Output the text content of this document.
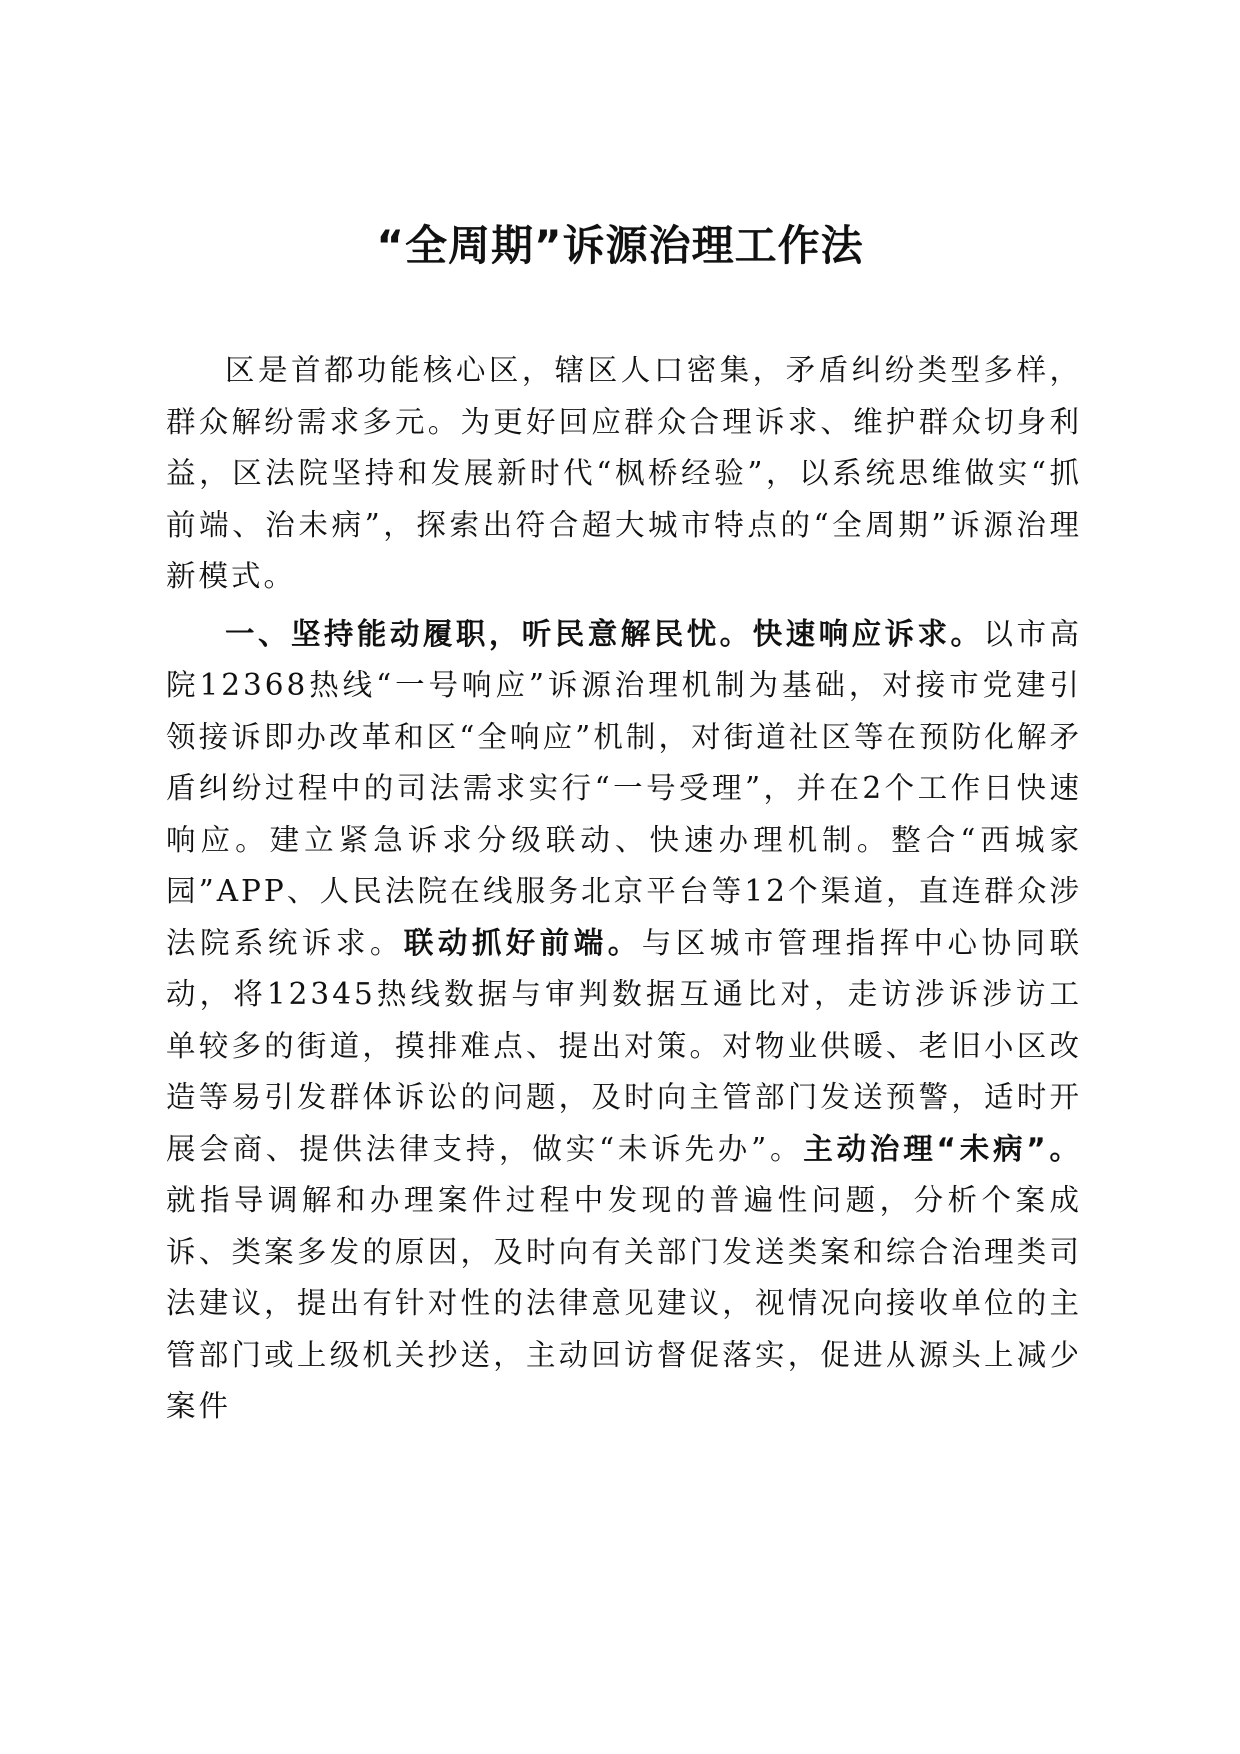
“全周期”诉源治理工作法

区是首都功能核心区，辖区人口密集，矛盾纠纷类型多样，群众解纷需求多元。为更好回应群众合理诉求、维护群众切身利益，区法院坚持和发展新时代“枫桥经验”，以系统思维做实“抓前端、治未病”，探索出符合超大城市特点的“全周期”诉源治理新模式。

一、坚持能动履职，听民意解民忧。快速响应诉求。以市高院12368热线“一号响应”诉源治理机制为基础，对接市党建引领接诉即办改革和区“全响应”机制，对街道社区等在预防化解矛盾纠纷过程中的司法需求实行“一号受理”，并在2个工作日快速响应。建立紧急诉求分级联动、快速办理机制。整合“西城家园”APP、人民法院在线服务北京平台等12个渠道，直连群众涉法院系统诉求。联动抓好前端。与区城市管理指挥中心协同联动，将12345热线数据与审判数据互通比对，走访涉诉涉访工单较多的街道，摸排难点、提出对策。对物业供暖、老旧小区改造等易引发群体诉讼的问题，及时向主管部门发送预警，适时开展会商、提供法律支持，做实“未诉先办”。主动治理“未病”。就指导调解和办理案件过程中发现的普遍性问题，分析个案成诉、类案多发的原因，及时向有关部门发送类案和综合治理类司法建议，提出有针对性的法律意见建议，视情况向接收单位的主管部门或上级机关抄送，主动回访督促落实，促进从源头上减少案件
